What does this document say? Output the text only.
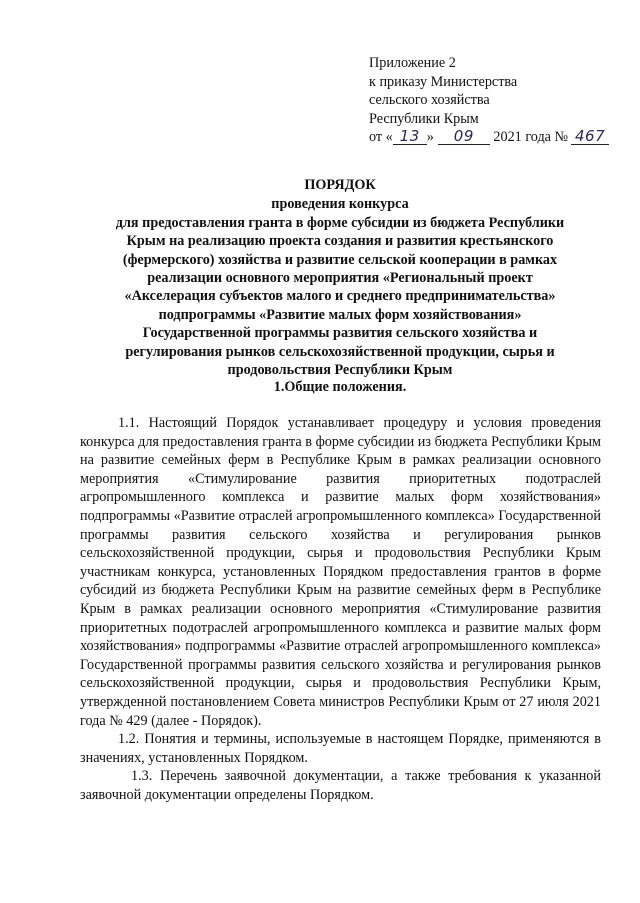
Приложение 2
к приказу Министерства
сельского хозяйства
Республики Крым
от « 13 » 09 2021 года № 467
ПОРЯДОК
проведения конкурса
для предоставления гранта в форме субсидии из бюджета Республики
Крым на реализацию проекта создания и развития крестьянского
(фермерского) хозяйства и развитие сельской кооперации в рамках
реализации основного мероприятия «Региональный проект
«Акселерация субъектов малого и среднего предпринимательства»
подпрограммы «Развитие малых форм хозяйствования»
Государственной программы развития сельского хозяйства и
регулирования рынков сельскохозяйственной продукции, сырья и
продовольствия Республики Крым
1.Общие положения.

1.1. Настоящий Порядок устанавливает процедуру и условия проведения конкурса для предоставления гранта в форме субсидии из бюджета Республики Крым на развитие семейных ферм в Республике Крым в рамках реализации основного мероприятия «Стимулирование развития приоритетных подотраслей агропромышленного комплекса и развитие малых форм хозяйствования» подпрограммы «Развитие отраслей агропромышленного комплекса» Государственной программы развития сельского хозяйства и регулирования рынков сельскохозяйственной продукции, сырья и продовольствия Республики Крым участникам конкурса, установленных Порядком предоставления грантов в форме субсидий из бюджета Республики Крым на развитие семейных ферм в Республике Крым в рамках реализации основного мероприятия «Стимулирование развития приоритетных подотраслей агропромышленного комплекса и развитие малых форм хозяйствования» подпрограммы «Развитие отраслей агропромышленного комплекса» Государственной программы развития сельского хозяйства и регулирования рынков сельскохозяйственной продукции, сырья и продовольствия Республики Крым, утвержденной постановлением Совета министров Республики Крым от 27 июля 2021 года № 429 (далее - Порядок).

1.2. Понятия и термины, используемые в настоящем Порядке, применяются в значениях, установленных Порядком.

1.3. Перечень заявочной документации, а также требования к указанной заявочной документации определены Порядком.
